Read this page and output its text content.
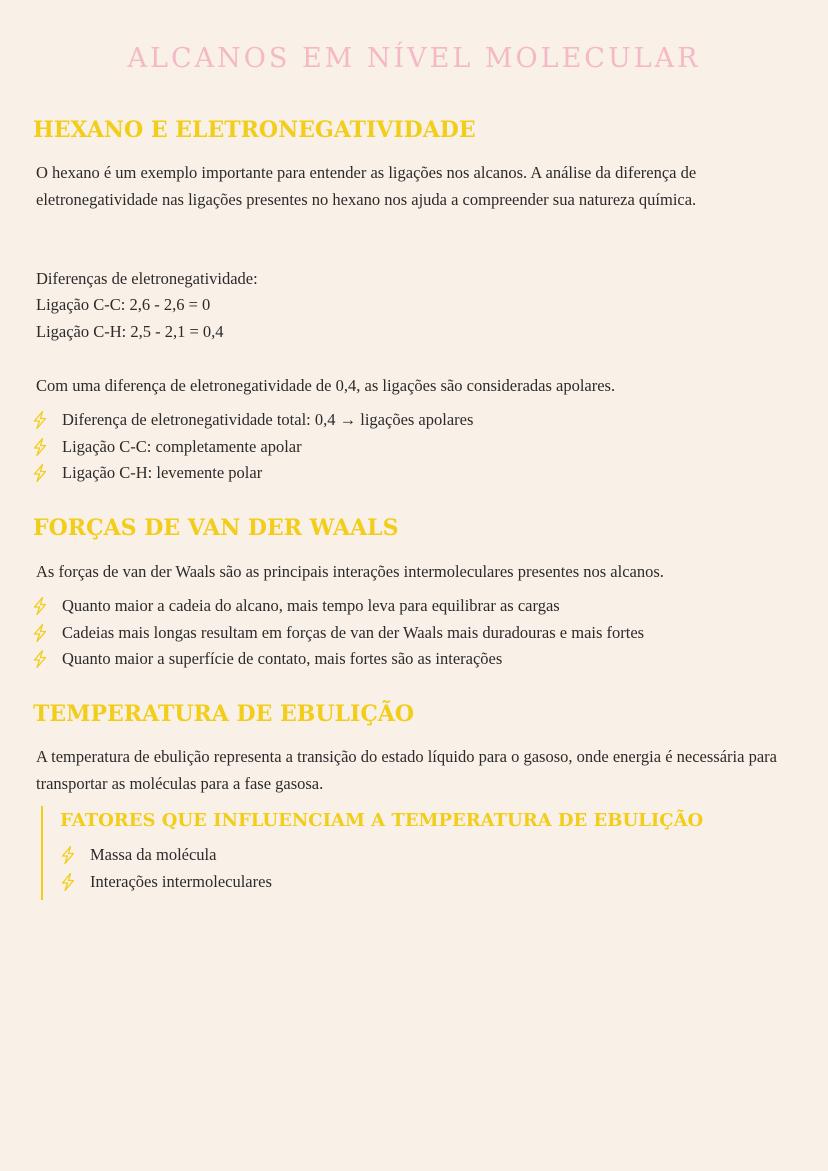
ALCANOS EM NÍVEL MOLECULAR
HEXANO E ELETRONEGATIVIDADE

O hexano é um exemplo importante para entender as ligações nos alcanos. A análise da diferença de eletronegatividade nas ligações presentes no hexano nos ajuda a compreender sua natureza química.

Diferenças de eletronegatividade:

Ligação C-C: 2,6 - 2,6 = 0

Ligação C-H: 2,5 - 2,1 = 0,4

Com uma diferença de eletronegatividade de 0,4, as ligações são consideradas apolares.

Diferença de eletronegatividade total: 0,4 → ligações apolares
Ligação C-C: completamente apolar
Ligação C-H: levemente polar
FORÇAS DE VAN DER WAALS

As forças de van der Waals são as principais interações intermoleculares presentes nos alcanos.

Quanto maior a cadeia do alcano, mais tempo leva para equilibrar as cargas
Cadeias mais longas resultam em forças de van der Waals mais duradouras e mais fortes
Quanto maior a superfície de contato, mais fortes são as interações
TEMPERATURA DE EBULIÇÃO

A temperatura de ebulição representa a transição do estado líquido para o gasoso, onde energia é necessária para transportar as moléculas para a fase gasosa.

FATORES QUE INFLUENCIAM A TEMPERATURA DE EBULIÇÃO
Massa da molécula
Interações intermoleculares
